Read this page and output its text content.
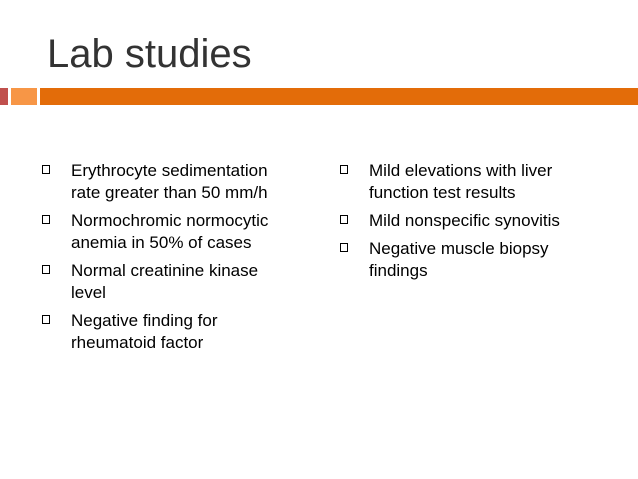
Lab studies
Erythrocyte sedimentation rate greater than 50 mm/h
Normochromic normocytic anemia in 50% of cases
Normal creatinine kinase level
Negative finding for rheumatoid factor
Mild elevations with liver function test results
Mild nonspecific synovitis
Negative muscle biopsy findings
